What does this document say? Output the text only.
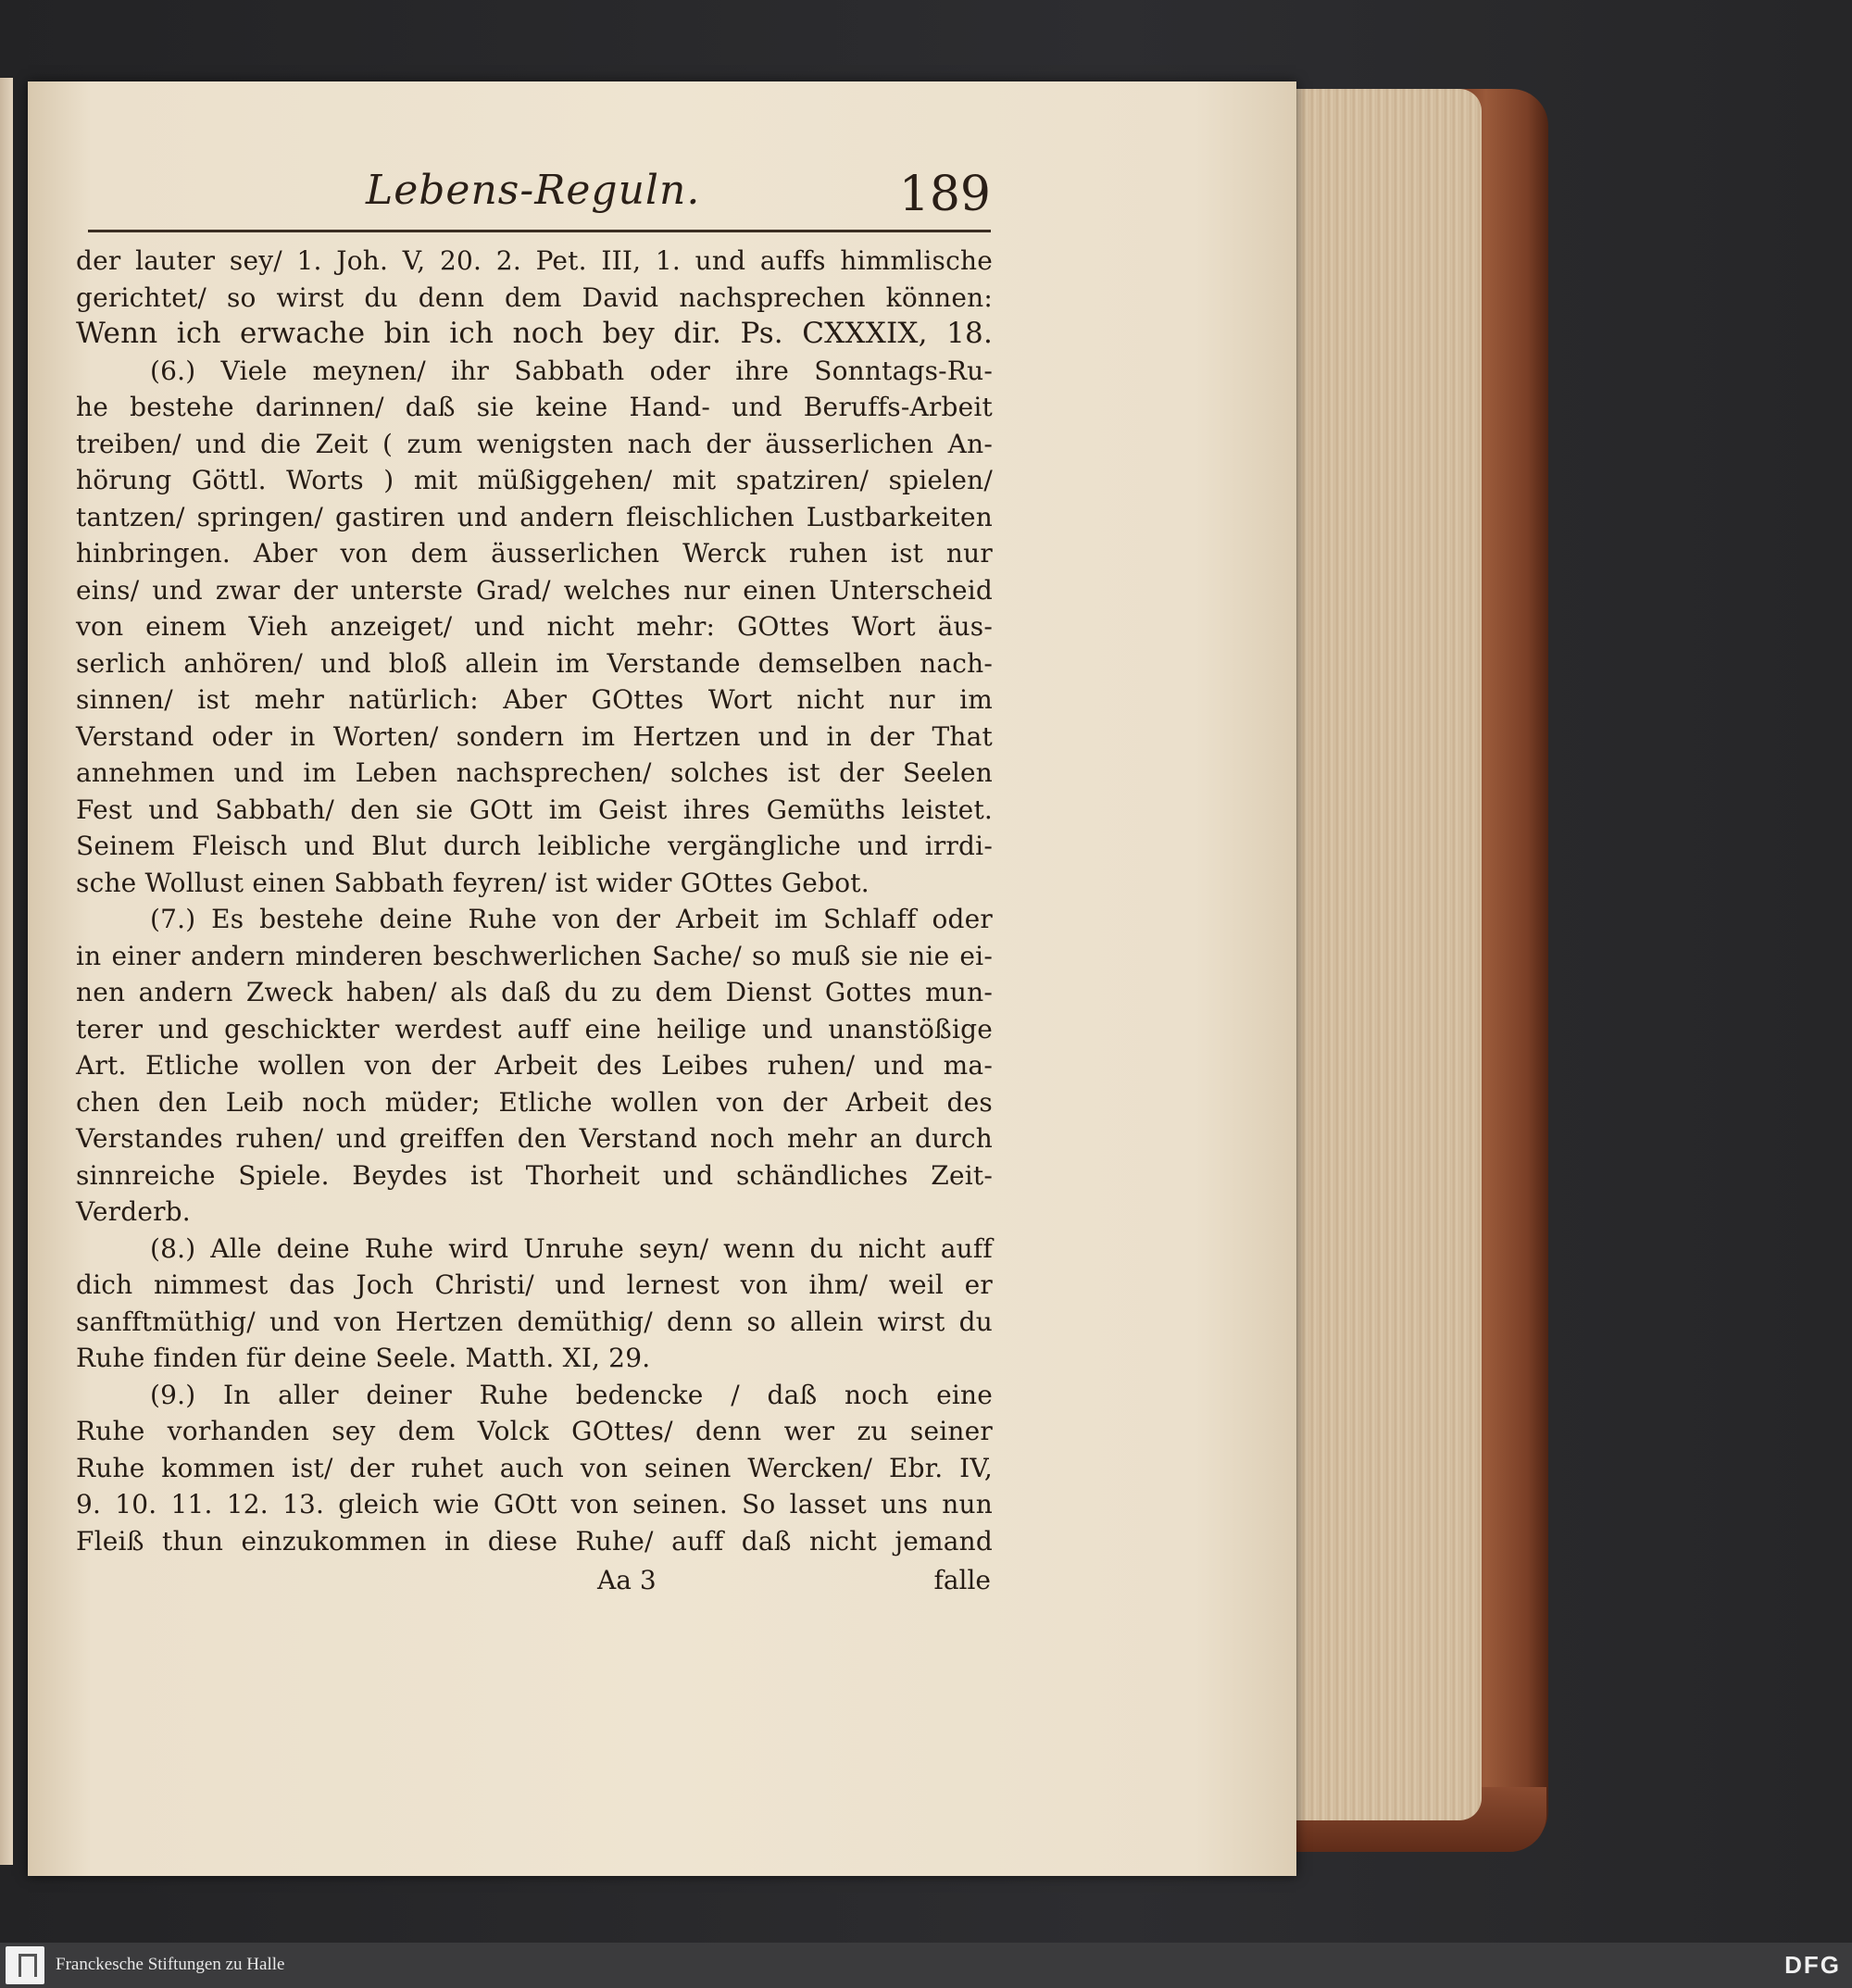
Lebens-Reguln.	189
der lauter sey/ 1. Joh. V, 20. 2. Pet. III, 1. und auffs himmlische
gerichtet/ so wirst du denn dem David nachsprechen können:
Wenn ich erwache bin ich noch bey dir. Ps. CXXXIX, 18.
(6.) Viele meynen/ ihr Sabbath oder ihre Sonntags-Ru-
he bestehe darinnen/ daß sie keine Hand- und Beruffs-Arbeit
treiben/ und die Zeit ( zum wenigsten nach der äusserlichen An-
hörung Göttl. Worts ) mit müßiggehen/ mit spatziren/ spielen/
tantzen/ springen/ gastiren und andern fleischlichen Lustbarkeiten
hinbringen. Aber von dem äusserlichen Werck ruhen ist nur
eins/ und zwar der unterste Grad/ welches nur einen Unterscheid
von einem Vieh anzeiget/ und nicht mehr: GOttes Wort äus-
serlich anhören/ und bloß allein im Verstande demselben nach-
sinnen/ ist mehr natürlich: Aber GOttes Wort nicht nur im
Verstand oder in Worten/ sondern im Hertzen und in der That
annehmen und im Leben nachsprechen/ solches ist der Seelen
Fest und Sabbath/ den sie GOtt im Geist ihres Gemüths leistet.
Seinem Fleisch und Blut durch leibliche vergängliche und irrdi-
sche Wollust einen Sabbath feyren/ ist wider GOttes Gebot.
(7.) Es bestehe deine Ruhe von der Arbeit im Schlaff oder
in einer andern minderen beschwerlichen Sache/ so muß sie nie ei-
nen andern Zweck haben/ als daß du zu dem Dienst Gottes mun-
terer und geschickter werdest auff eine heilige und unanstößige
Art. Etliche wollen von der Arbeit des Leibes ruhen/ und ma-
chen den Leib noch müder; Etliche wollen von der Arbeit des
Verstandes ruhen/ und greiffen den Verstand noch mehr an durch
sinnreiche Spiele. Beydes ist Thorheit und schändliches Zeit-
Verderb.
(8.) Alle deine Ruhe wird Unruhe seyn/ wenn du nicht auff
dich nimmest das Joch Christi/ und lernest von ihm/ weil er
sanfftmüthig/ und von Hertzen demüthig/ denn so allein wirst du
Ruhe finden für deine Seele. Matth. XI, 29.
(9.) In aller deiner Ruhe bedencke / daß noch eine
Ruhe vorhanden sey dem Volck GOttes/ denn wer zu seiner
Ruhe kommen ist/ der ruhet auch von seinen Wercken/ Ebr. IV,
9. 10. 11. 12. 13. gleich wie GOtt von seinen. So lasset uns nun
Fleiß thun einzukommen in diese Ruhe/ auff daß nicht jemand
Aa 3	falle
Franckesche Stiftungen zu Halle	DFG
